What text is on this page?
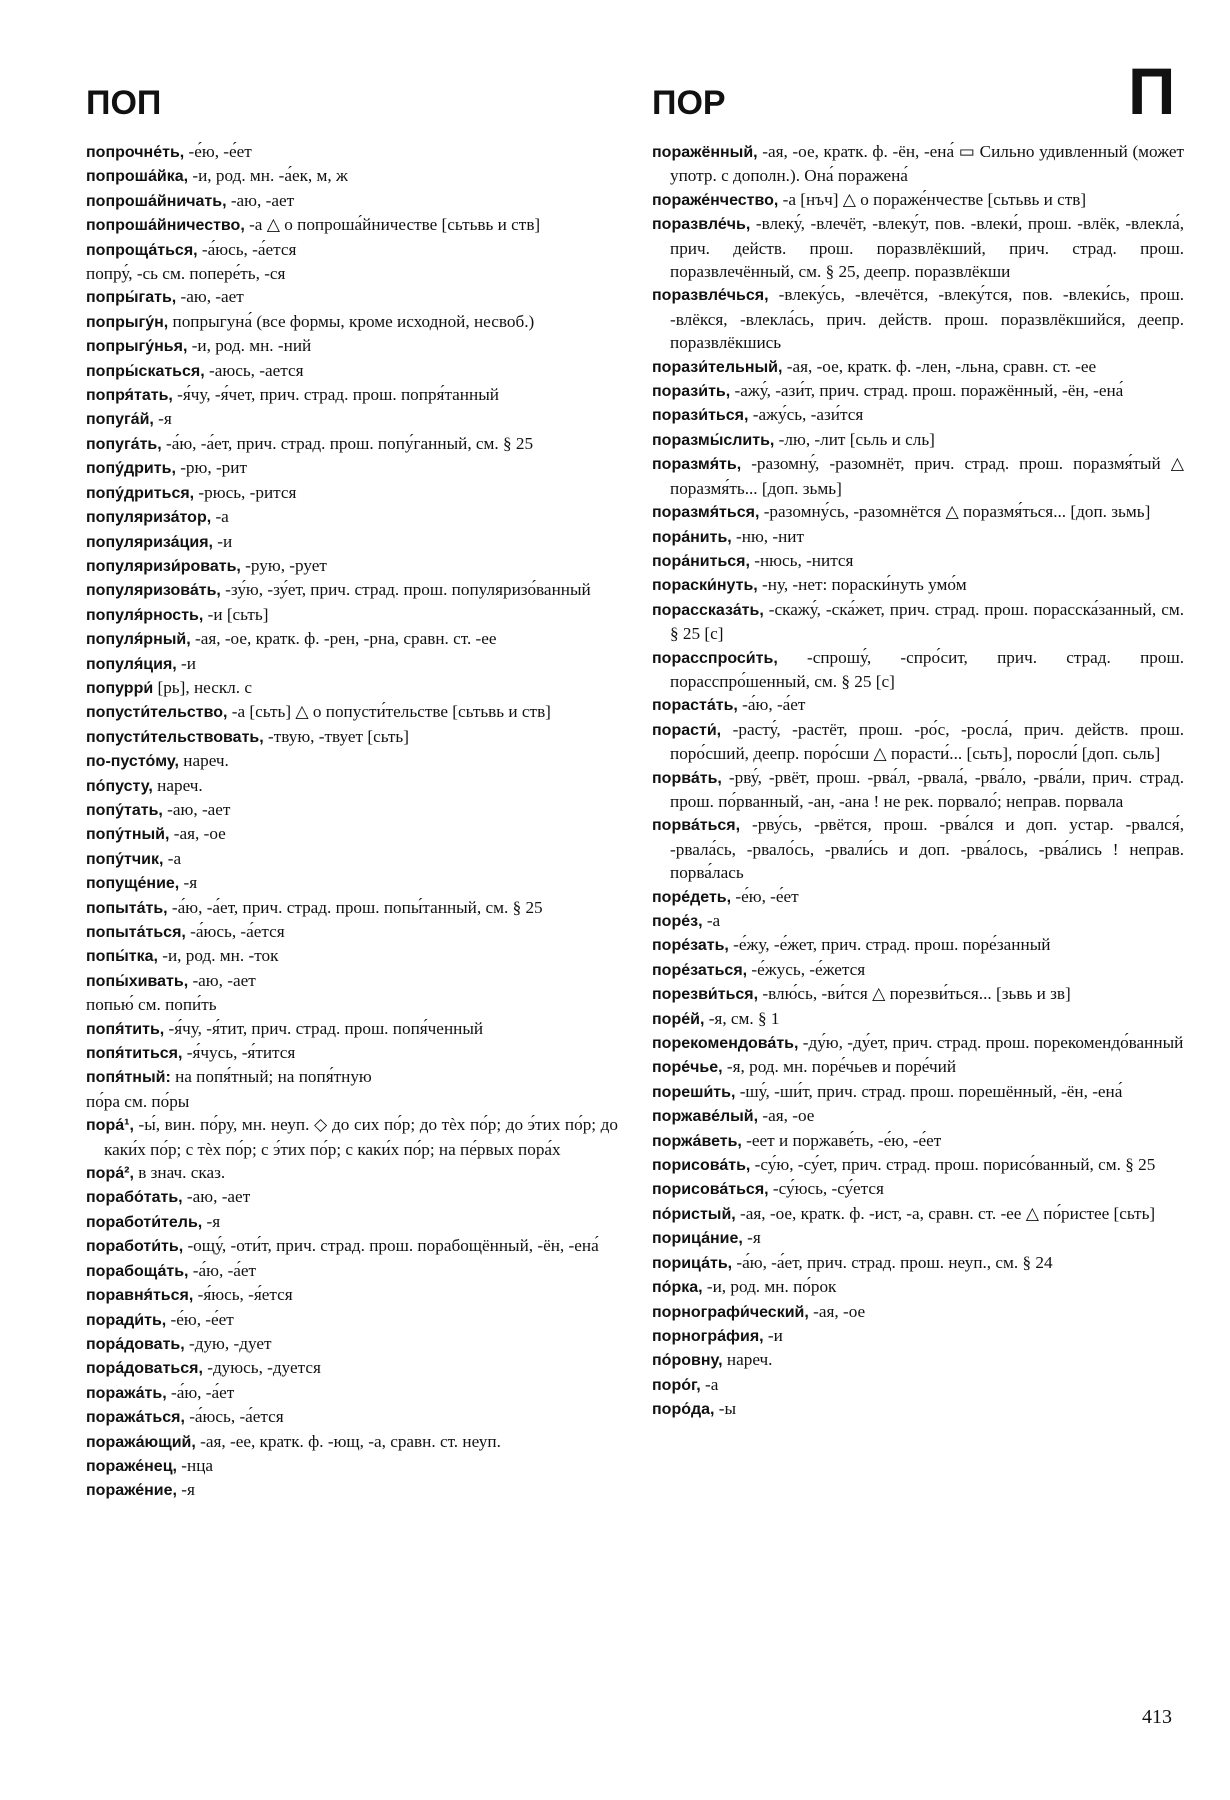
ПОП	ПОР	П
попрочне́ть, -е́ю, -е́ет
попроша́йка, -и, род. мн. -а́ек, м, ж
попроша́йничать, -аю, -ает
попроша́йничество, -а △ о попроша́йничестве [сьтьвь и ств]
попроща́ться, -а́юсь, -а́ется
попру́, -сь см. попере́ть, -ся
попры́гать, -аю, -ает
попрыгу́н, попрыгуна́ (все формы, кроме исходной, несвоб.)
попрыгу́нья, -и, род. мн. -ний
попры́скаться, -аюсь, -ается
попря́тать, -я́чу, -я́чет, прич. страд. прош. попря́танный
попуга́й, -я
попуга́ть, -а́ю, -а́ет, прич. страд. прош. попу́ганный, см. § 25
попу́дрить, -рю, -рит
попу́дриться, -рюсь, -рится
популяриза́тор, -а
популяриза́ция, -и
популяризи́ровать, -рую, -рует
популяризова́ть, -зу́ю, -зу́ет, прич. страд. прош. популяризо́ванный
популя́рность, -и [сьть]
популя́рный, -ая, -ое, кратк. ф. -рен, -рна, сравн. ст. -ее
популя́ция, -и
попурри́ [рь], нескл. с
попусти́тельство, -а [сьть] △ о попусти́тельстве [сьтьвь и ств]
попусти́тельствовать, -твую, -твует [сьть]
по-пусто́му, нареч.
по́пусту, нареч.
попу́тать, -аю, -ает
попу́тный, -ая, -ое
попу́тчик, -а
попуще́ние, -я
попыта́ть, -а́ю, -а́ет, прич. страд. прош. попы́танный, см. § 25
попыта́ться, -а́юсь, -а́ется
попы́тка, -и, род. мн. -ток
попы́хивать, -аю, -ает
попью́ см. попи́ть
попя́тить, -я́чу, -я́тит, прич. страд. прош. попя́ченный
попя́титься, -я́чусь, -я́тится
попя́тный: на попя́тный; на попя́тную
по́ра см. по́ры
пора́¹, -ы́, вин. по́ру, мн. неуп. ◇ до сих по́р; до тѐх по́р; до э́тих по́р; до каки́х по́р; с тѐх по́р; с э́тих по́р; с каки́х по́р; на пе́рвых пора́х
пора́², в знач. сказ.
порабо́тать, -аю, -ает
поработи́тель, -я
поработи́ть, -ощу́, -оти́т, прич. страд. прош. порабощённый, -ён, -ена́
порабоща́ть, -а́ю, -а́ет
поравня́ться, -я́юсь, -я́ется
поради́ть, -е́ю, -е́ет
пора́довать, -дую, -дует
пора́доваться, -дуюсь, -дуется
поража́ть, -а́ю, -а́ет
поража́ться, -а́юсь, -а́ется
поража́ющий, -ая, -ее, кратк. ф. -ющ, -а, сравн. ст. неуп.
пораже́нец, -нца
пораже́ние, -я
поражённый, -ая, -ое, кратк. ф. -ён, -ена́ ▭ Сильно удивленный (может употр. с дополн.). Она́ поражена́
пораже́нчество, -а [нъч] △ о пораже́нчестве [сьтьвь и ств]
поразвле́чь, -влеку́, -влечёт, -влеку́т, пов. -влеки́, прош. -влёк, -влекла́, прич. действ. прош. поразвлёкший, прич. страд. прош. поразвлечённый, см. § 25, деепр. поразвлёкши
поразвле́чься, -влеку́сь, -влечётся, -влеку́тся, пов. -влеки́сь, прош. -влёкся, -влекла́сь, прич. действ. прош. поразвлёкшийся, деепр. поразвлёкшись
порази́тельный, -ая, -ое, кратк. ф. -лен, -льна, сравн. ст. -ее
порази́ть, -ажу́, -ази́т, прич. страд. прош. поражённый, -ён, -ена́
порази́ться, -ажу́сь, -ази́тся
поразмы́слить, -лю, -лит [сьль и сль]
поразмя́ть, -разомну́, -разомнёт, прич. страд. прош. поразмя́тый △ поразмя́ть... [доп. зьмь]
поразмя́ться, -разомну́сь, -разомнётся △ поразмя́ться... [доп. зьмь]
пора́нить, -ню, -нит
пора́ниться, -нюсь, -нится
пораски́нуть, -ну, -нет: пораски́нуть умо́м
порассказа́ть, -скажу́, -ска́жет, прич. страд. прош. порасска́занный, см. § 25 [с]
порасспроси́ть, -спрошу́, -спро́сит, прич. страд. прош. порасспро́шенный, см. § 25 [с]
пораста́ть, -а́ю, -а́ет
порасти́, -расту́, -растёт, прош. -ро́с, -росла́, прич. действ. прош. поро́сший, деепр. поро́сши △ порасти́... [сьть], поросли́ [доп. сьль]
порва́ть, -рву́, -рвёт, прош. -рва́л, -рвала́, -рва́ло, -рва́ли, прич. страд. прош. по́рванный, -ан, -ана ! не рек. порвало́; неправ. порвала
порва́ться, -рву́сь, -рвётся, прош. -рва́лся и доп. устар. -рвался́, -рвала́сь, -рвало́сь, -рвали́сь и доп. -рва́лось, -рва́лись ! неправ. порва́лась
поре́деть, -е́ю, -е́ет
поре́з, -а
поре́зать, -е́жу, -е́жет, прич. страд. прош. поре́занный
поре́заться, -е́жусь, -е́жется
порезви́ться, -влю́сь, -ви́тся △ порезви́ться... [зьвь и зв]
поре́й, -я, см. § 1
порекомендова́ть, -ду́ю, -ду́ет, прич. страд. прош. порекомендо́ванный
поре́чье, -я, род. мн. поре́чьев и поре́чий
пореши́ть, -шу́, -ши́т, прич. страд. прош. порешённый, -ён, -ена́
поржаве́лый, -ая, -ое
поржа́веть, -еет и поржаве́ть, -е́ю, -е́ет
порисова́ть, -су́ю, -су́ет, прич. страд. прош. порисо́ванный, см. § 25
порисова́ться, -су́юсь, -су́ется
по́ристый, -ая, -ое, кратк. ф. -ист, -а, сравн. ст. -ее △ по́ристее [сьть]
порица́ние, -я
порица́ть, -а́ю, -а́ет, прич. страд. прош. неуп., см. § 24
по́рка, -и, род. мн. по́рок
порнографи́ческий, -ая, -ое
порногра́фия, -и
по́ровну, нареч.
поро́г, -а
поро́да, -ы
413
